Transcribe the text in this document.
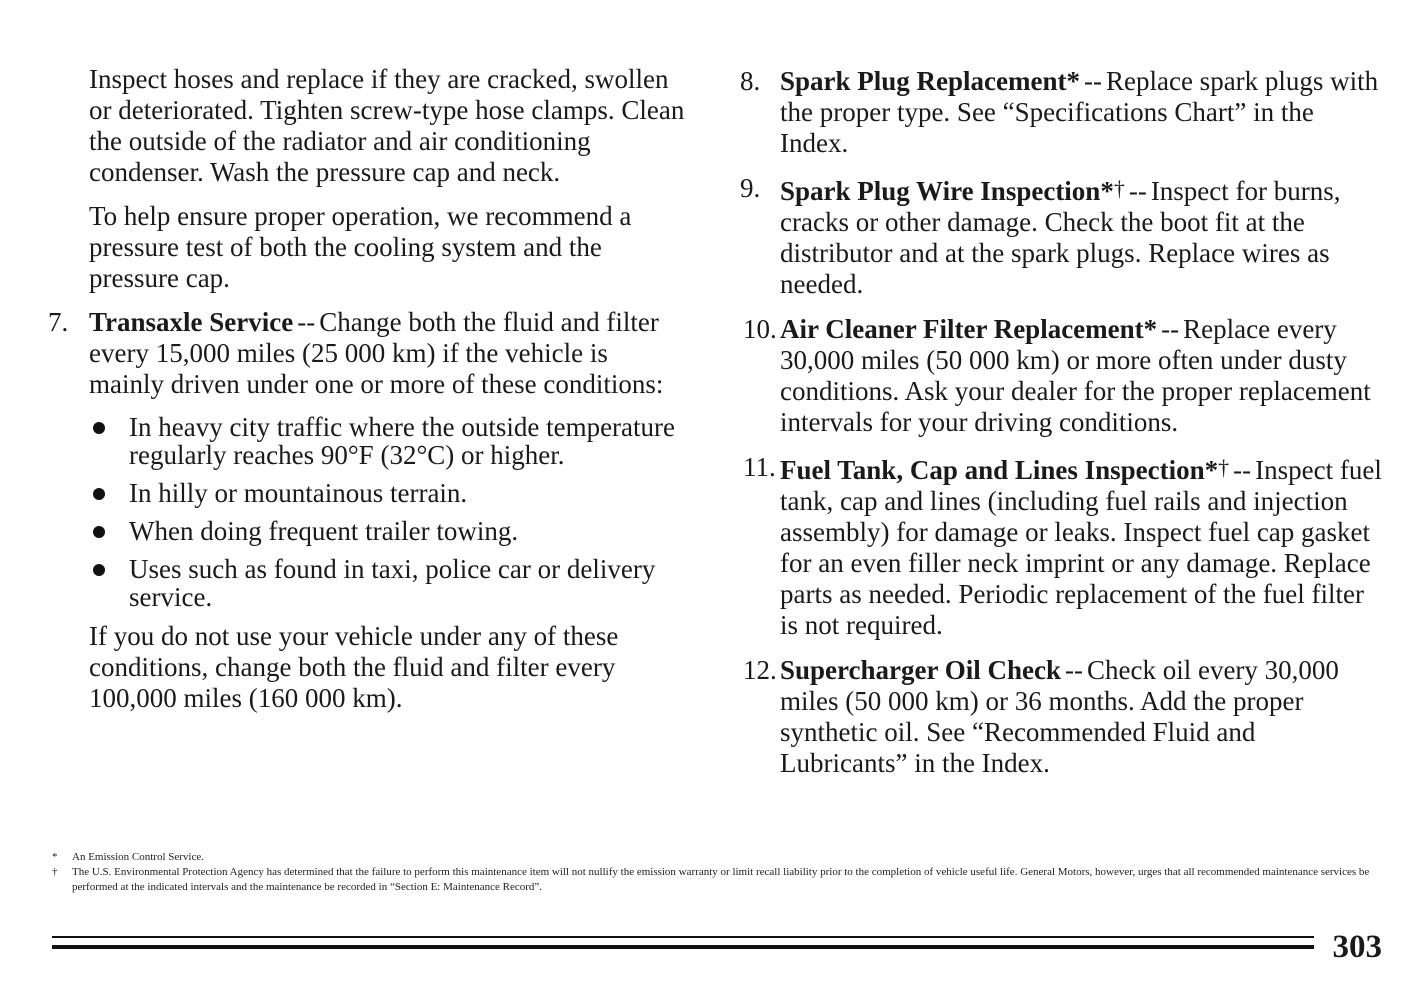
Inspect hoses and replace if they are cracked, swollen or deteriorated. Tighten screw-type hose clamps. Clean the outside of the radiator and air conditioning condenser. Wash the pressure cap and neck.

To help ensure proper operation, we recommend a pressure test of both the cooling system and the pressure cap.

7. Transaxle Service -- Change both the fluid and filter every 15,000 miles (25 000 km) if the vehicle is mainly driven under one or more of these conditions:

In heavy city traffic where the outside temperature regularly reaches 90°F (32°C) or higher.
In hilly or mountainous terrain.
When doing frequent trailer towing.
Uses such as found in taxi, police car or delivery service.

If you do not use your vehicle under any of these conditions, change both the fluid and filter every 100,000 miles (160 000 km).

8. Spark Plug Replacement* -- Replace spark plugs with the proper type. See “Specifications Chart” in the Index.

9. Spark Plug Wire Inspection*† -- Inspect for burns, cracks or other damage. Check the boot fit at the distributor and at the spark plugs. Replace wires as needed.

10. Air Cleaner Filter Replacement* -- Replace every 30,000 miles (50 000 km) or more often under dusty conditions. Ask your dealer for the proper replacement intervals for your driving conditions.

11. Fuel Tank, Cap and Lines Inspection*† -- Inspect fuel tank, cap and lines (including fuel rails and injection assembly) for damage or leaks. Inspect fuel cap gasket for an even filler neck imprint or any damage. Replace parts as needed. Periodic replacement of the fuel filter is not required.

12. Supercharger Oil Check -- Check oil every 30,000 miles (50 000 km) or 36 months. Add the proper synthetic oil. See “Recommended Fluid and Lubricants” in the Index.

* An Emission Control Service.
† The U.S. Environmental Protection Agency has determined that the failure to perform this maintenance item will not nullify the emission warranty or limit recall liability prior to the completion of vehicle useful life. General Motors, however, urges that all recommended maintenance services be performed at the indicated intervals and the maintenance be recorded in “Section E: Maintenance Record”.
303
